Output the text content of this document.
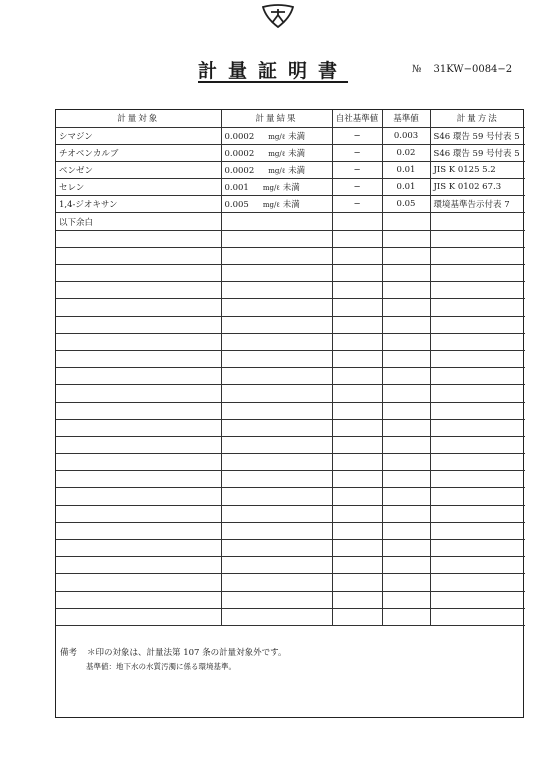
計量証明書	№ 31KW−0084−2
計量対象	計量結果	自社基準値	基準値	計量方法
シマジン	0.0002 mg/ℓ 未満	−	0.003	S46 環告 59 号付表 5
チオベンカルブ	0.0002 mg/ℓ 未満	−	0.02	S46 環告 59 号付表 5
ベンゼン	0.0002 mg/ℓ 未満	−	0.01	JIS K 0125 5.2
セレン	0.001 mg/ℓ 未満	−	0.01	JIS K 0102 67.3
1,4-ジオキサン	0.005 mg/ℓ 未満	−	0.05	環境基準告示付表 7
以下余白				

備考 ＊印の対象は、計量法第 107 条の計量対象外です。
基準値：地下水の水質汚濁に係る環境基準。
